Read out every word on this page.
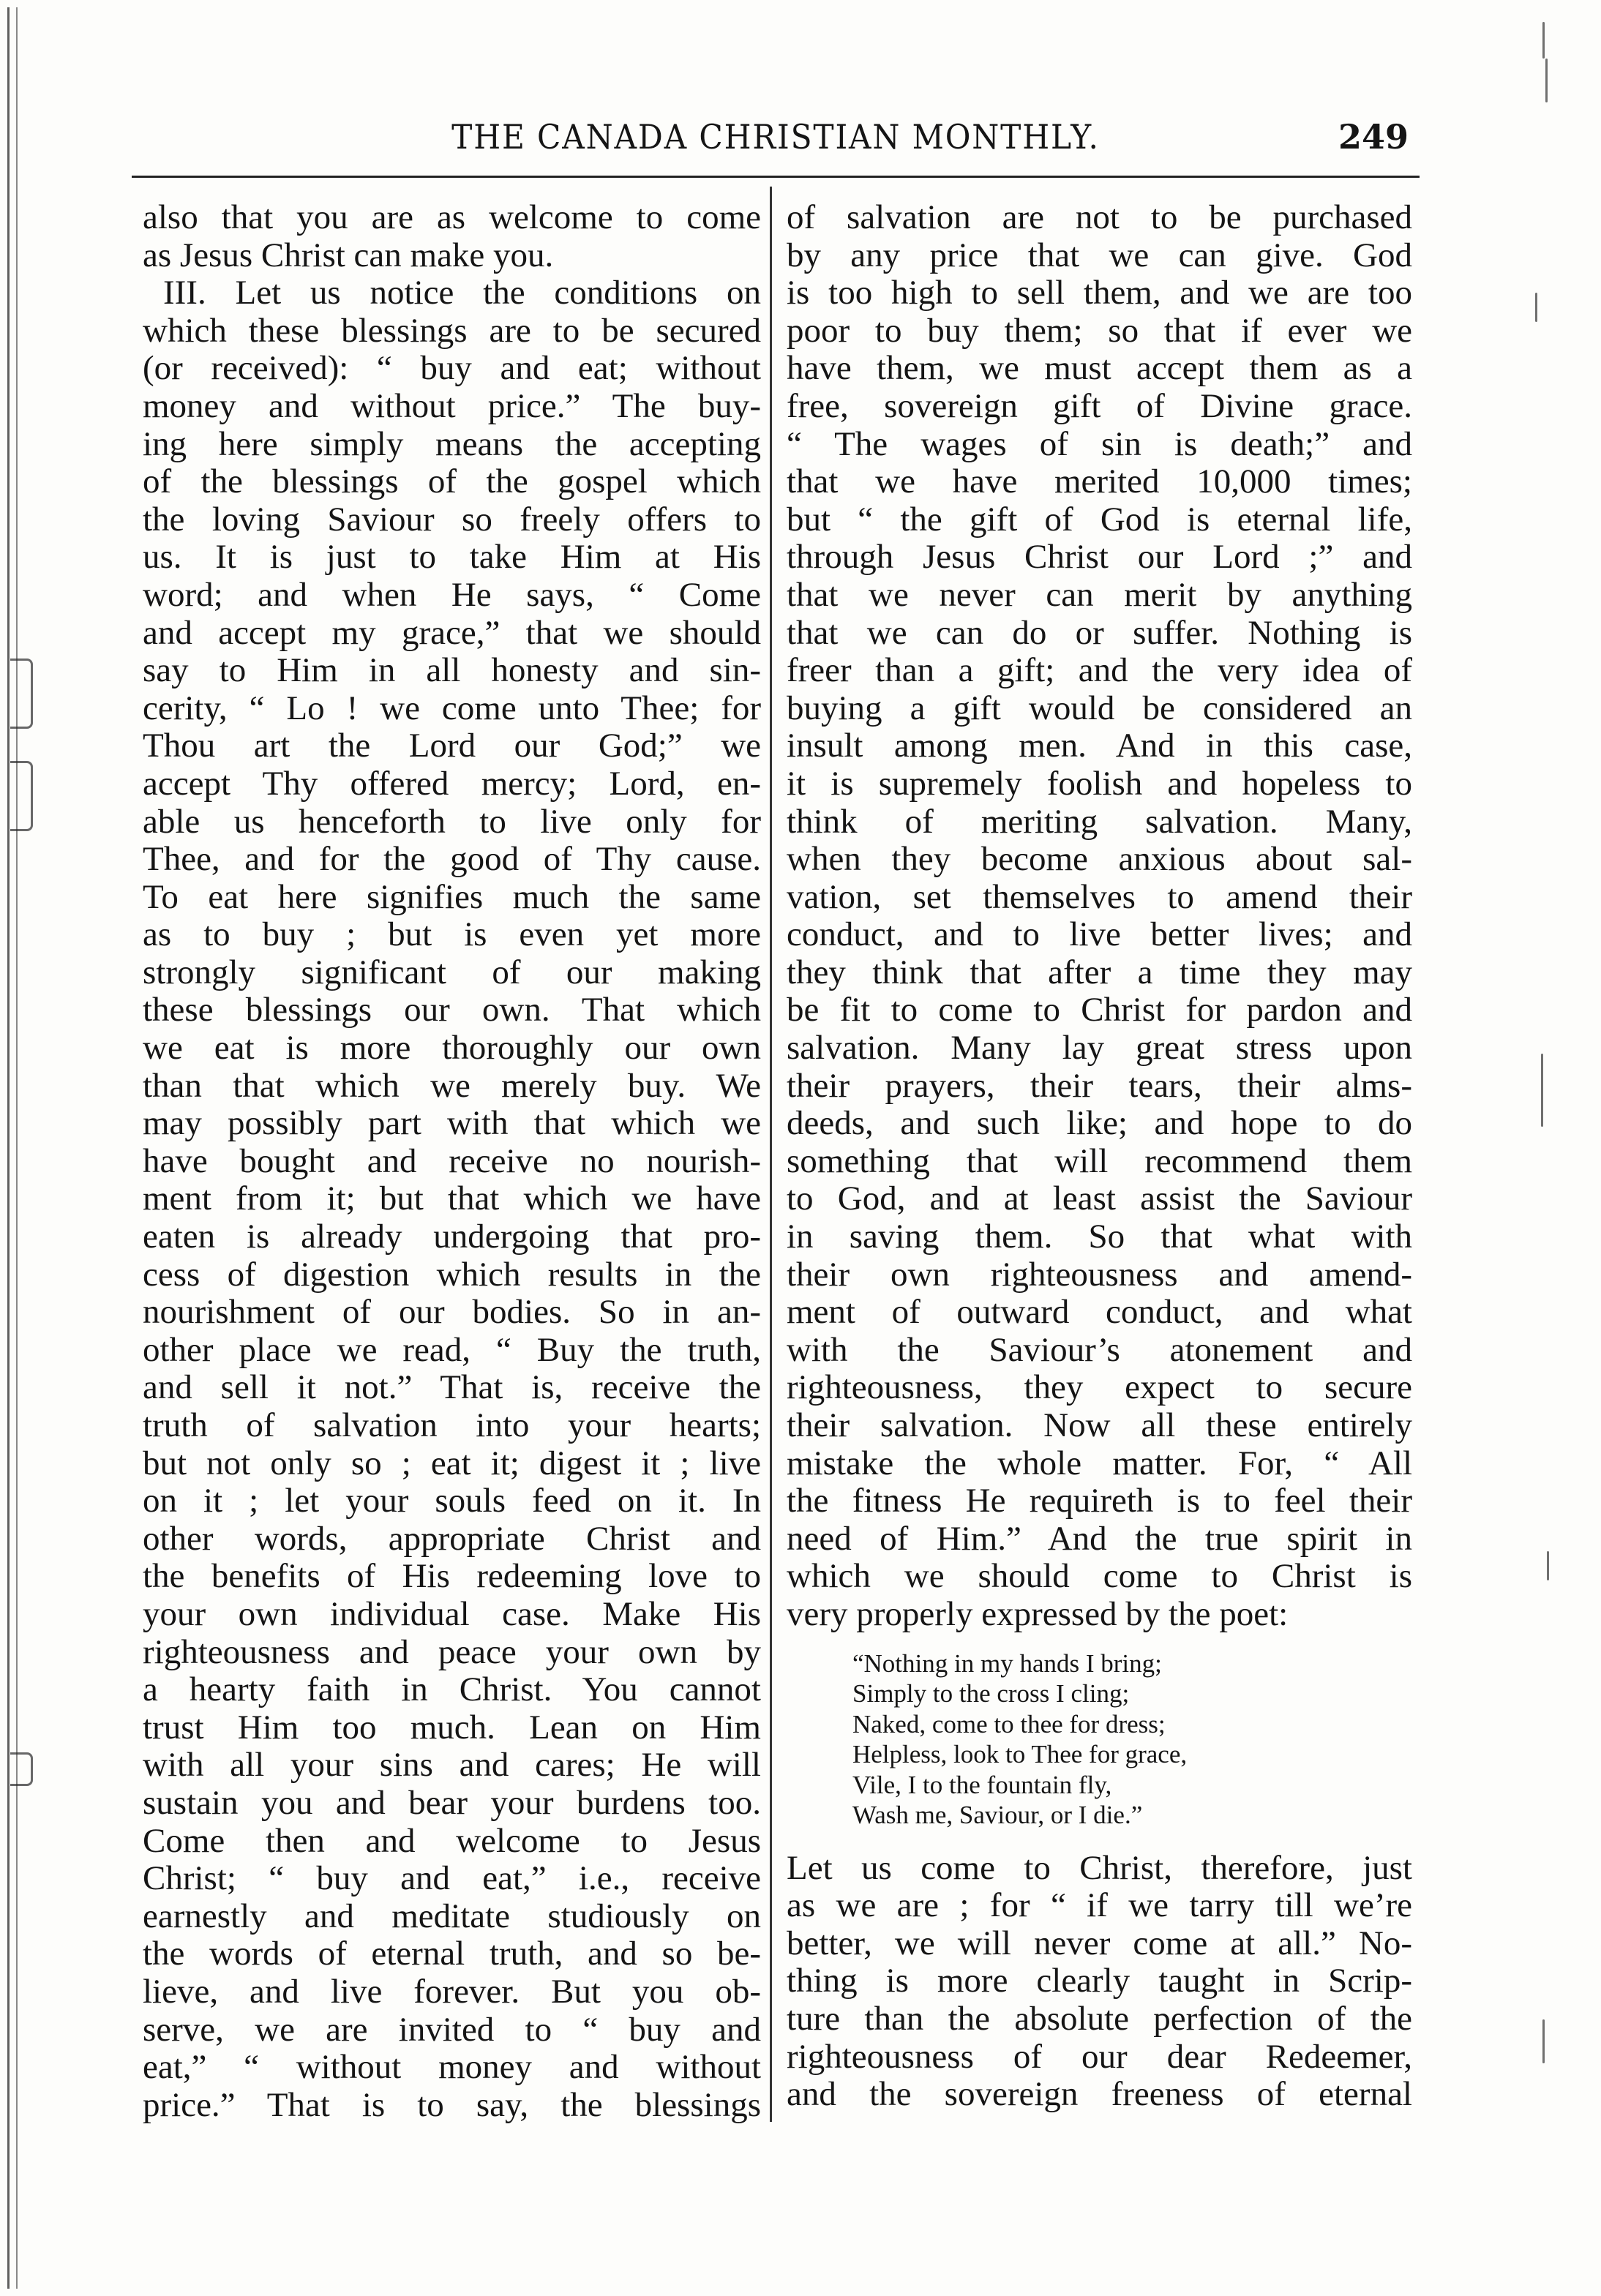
THE CANADA CHRISTIAN MONTHLY.	249
also that you are as welcome to come
as Jesus Christ can make you.
III. Let us notice the conditions on
which these blessings are to be secured
(or received): “ buy and eat; without
money and without price.” The buy-
ing here simply means the accepting
of the blessings of the gospel which
the loving Saviour so freely offers to
us. It is just to take Him at His
word; and when He says, “ Come
and accept my grace,” that we should
say to Him in all honesty and sin-
cerity, “ Lo ! we come unto Thee; for
Thou art the Lord our God;” we
accept Thy offered mercy; Lord, en-
able us henceforth to live only for
Thee, and for the good of Thy cause.
To eat here signifies much the same
as to buy ; but is even yet more
strongly significant of our making
these blessings our own. That which
we eat is more thoroughly our own
than that which we merely buy. We
may possibly part with that which we
have bought and receive no nourish-
ment from it; but that which we have
eaten is already undergoing that pro-
cess of digestion which results in the
nourishment of our bodies. So in an-
other place we read, “ Buy the truth,
and sell it not.” That is, receive the
truth of salvation into your hearts;
but not only so ; eat it; digest it ; live
on it ; let your souls feed on it. In
other words, appropriate Christ and
the benefits of His redeeming love to
your own individual case. Make His
righteousness and peace your own by
a hearty faith in Christ. You cannot
trust Him too much. Lean on Him
with all your sins and cares; He will
sustain you and bear your burdens too.
Come then and welcome to Jesus
Christ; “ buy and eat,” i.e., receive
earnestly and meditate studiously on
the words of eternal truth, and so be-
lieve, and live forever. But you ob-
serve, we are invited to “ buy and
eat,” “ without money and without
price.” That is to say, the blessings
of salvation are not to be purchased
by any price that we can give. God
is too high to sell them, and we are too
poor to buy them; so that if ever we
have them, we must accept them as a
free, sovereign gift of Divine grace.
“ The wages of sin is death;” and
that we have merited 10,000 times;
but “ the gift of God is eternal life,
through Jesus Christ our Lord ;” and
that we never can merit by anything
that we can do or suffer. Nothing is
freer than a gift; and the very idea of
buying a gift would be considered an
insult among men. And in this case,
it is supremely foolish and hopeless to
think of meriting salvation. Many,
when they become anxious about sal-
vation, set themselves to amend their
conduct, and to live better lives; and
they think that after a time they may
be fit to come to Christ for pardon and
salvation. Many lay great stress upon
their prayers, their tears, their alms-
deeds, and such like; and hope to do
something that will recommend them
to God, and at least assist the Saviour
in saving them. So that what with
their own righteousness and amend-
ment of outward conduct, and what
with the Saviour’s atonement and
righteousness, they expect to secure
their salvation. Now all these entirely
mistake the whole matter. For, “ All
the fitness He requireth is to feel their
need of Him.” And the true spirit in
which we should come to Christ is
very properly expressed by the poet:
“Nothing in my hands I bring;
Simply to the cross I cling;
Naked, come to thee for dress;
Helpless, look to Thee for grace,
Vile, I to the fountain fly,
Wash me, Saviour, or I die.”
Let us come to Christ, therefore, just
as we are ; for “ if we tarry till we’re
better, we will never come at all.” No-
thing is more clearly taught in Scrip-
ture than the absolute perfection of the
righteousness of our dear Redeemer,
and the sovereign freeness of eternal
